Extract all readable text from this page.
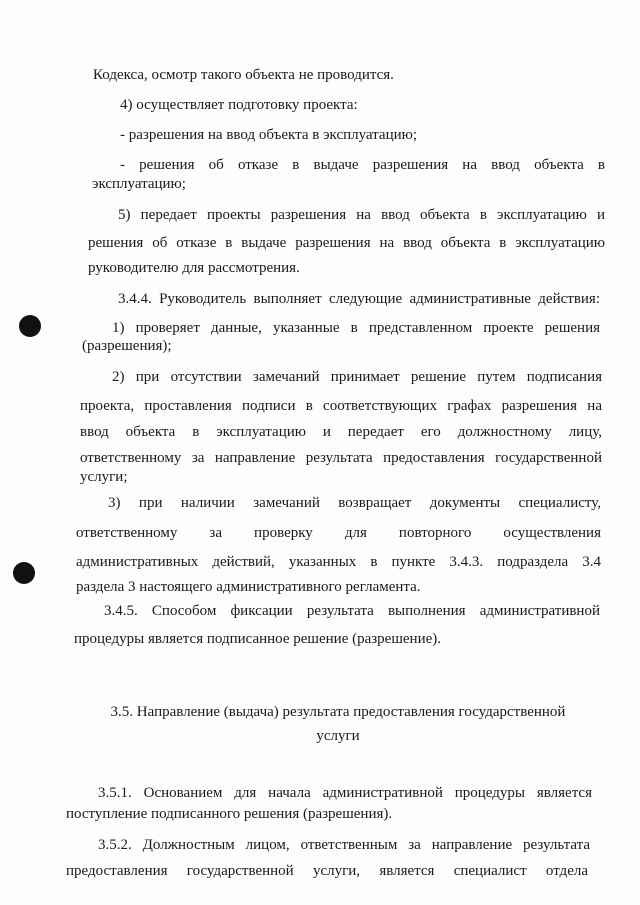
Кодекса, осмотр такого объекта не проводится.
4) осуществляет подготовку проекта:
- разрешения на ввод объекта в эксплуатацию;
- решения об отказе в выдаче разрешения на ввод объекта в
эксплуатацию;
5) передает проекты разрешения на ввод объекта в эксплуатацию и
решения об отказе в выдаче разрешения на ввод объекта в эксплуатацию
руководителю для рассмотрения.
3.4.4. Руководитель выполняет следующие административные действия:
1) проверяет данные, указанные в представленном проекте решения
(разрешения);
2) при отсутствии замечаний принимает решение путем подписания
проекта, проставления подписи в соответствующих графах разрешения на
ввод объекта в эксплуатацию и передает его должностному лицу,
ответственному за направление результата предоставления государственной
услуги;
3) при наличии замечаний возвращает документы специалисту,
ответственному за проверку для повторного осуществления
административных действий, указанных в пункте 3.4.3. подраздела 3.4
раздела 3 настоящего административного регламента.
3.4.5. Способом фиксации результата выполнения административной
процедуры является подписанное решение (разрешение).
3.5. Направление (выдача) результата предоставления государственной
услуги
3.5.1. Основанием для начала административной процедуры является
поступление подписанного решения (разрешения).
3.5.2. Должностным лицом, ответственным за направление результата
предоставления государственной услуги, является специалист отдела
